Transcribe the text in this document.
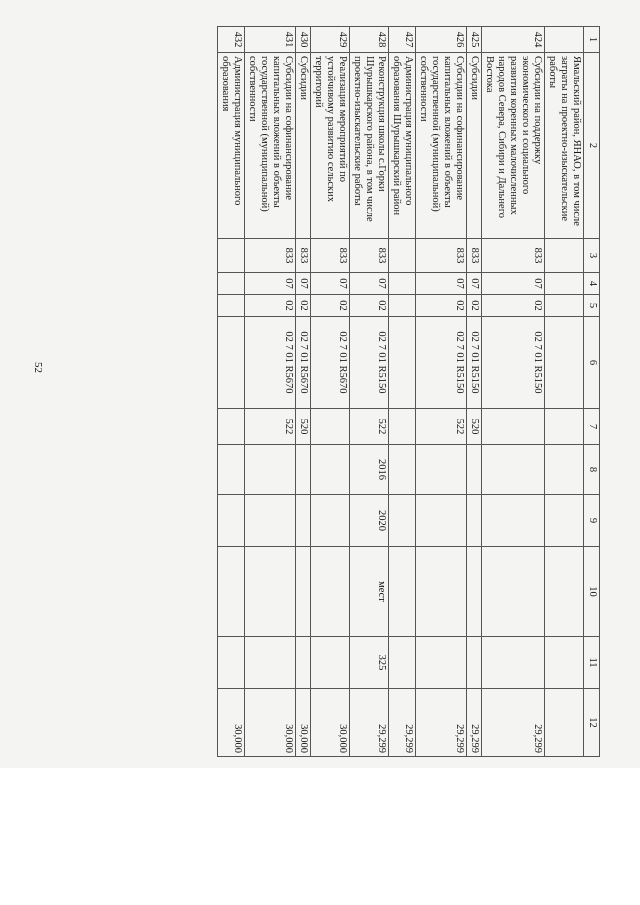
52
1	2	3	4	5	6	7	8	9	10	11	12
	Ямальский район, ЯНАО, в том числе затраты на проектно-изыскательские работы										
424	Субсидии на поддержку экономического и социального развития коренных малочисленных народов Севера, Сибири и Дальнего Востока	833	07	02	02 7 01 R5150						29,299
425	Субсидии	833	07	02	02 7 01 R5150	520					29,299
426	Субсидии на софинансирование капитальных вложений в объекты государственной (муниципальной) собственности	833	07	02	02 7 01 R5150	522					29,299
427	Администрация муниципального образования Шурышкарский район										29,299
428	Реконструкция школы с.Горки Шурышкарского района, в том числе проектно-изыскательские работы	833	07	02	02 7 01 R5150	522	2016	2020	мест	325	29,299
429	Реализация мероприятий по устойчивому развитию сельских территорий	833	07	02	02 7 01 R5670						30,000
430	Субсидии	833	07	02	02 7 01 R5670	520					30,000
431	Субсидии на софинансирование капитальных вложений в объекты государственной (муниципальной) собственности	833	07	02	02 7 01 R5670	522					30,000
432	Администрация муниципального образования										30,000
